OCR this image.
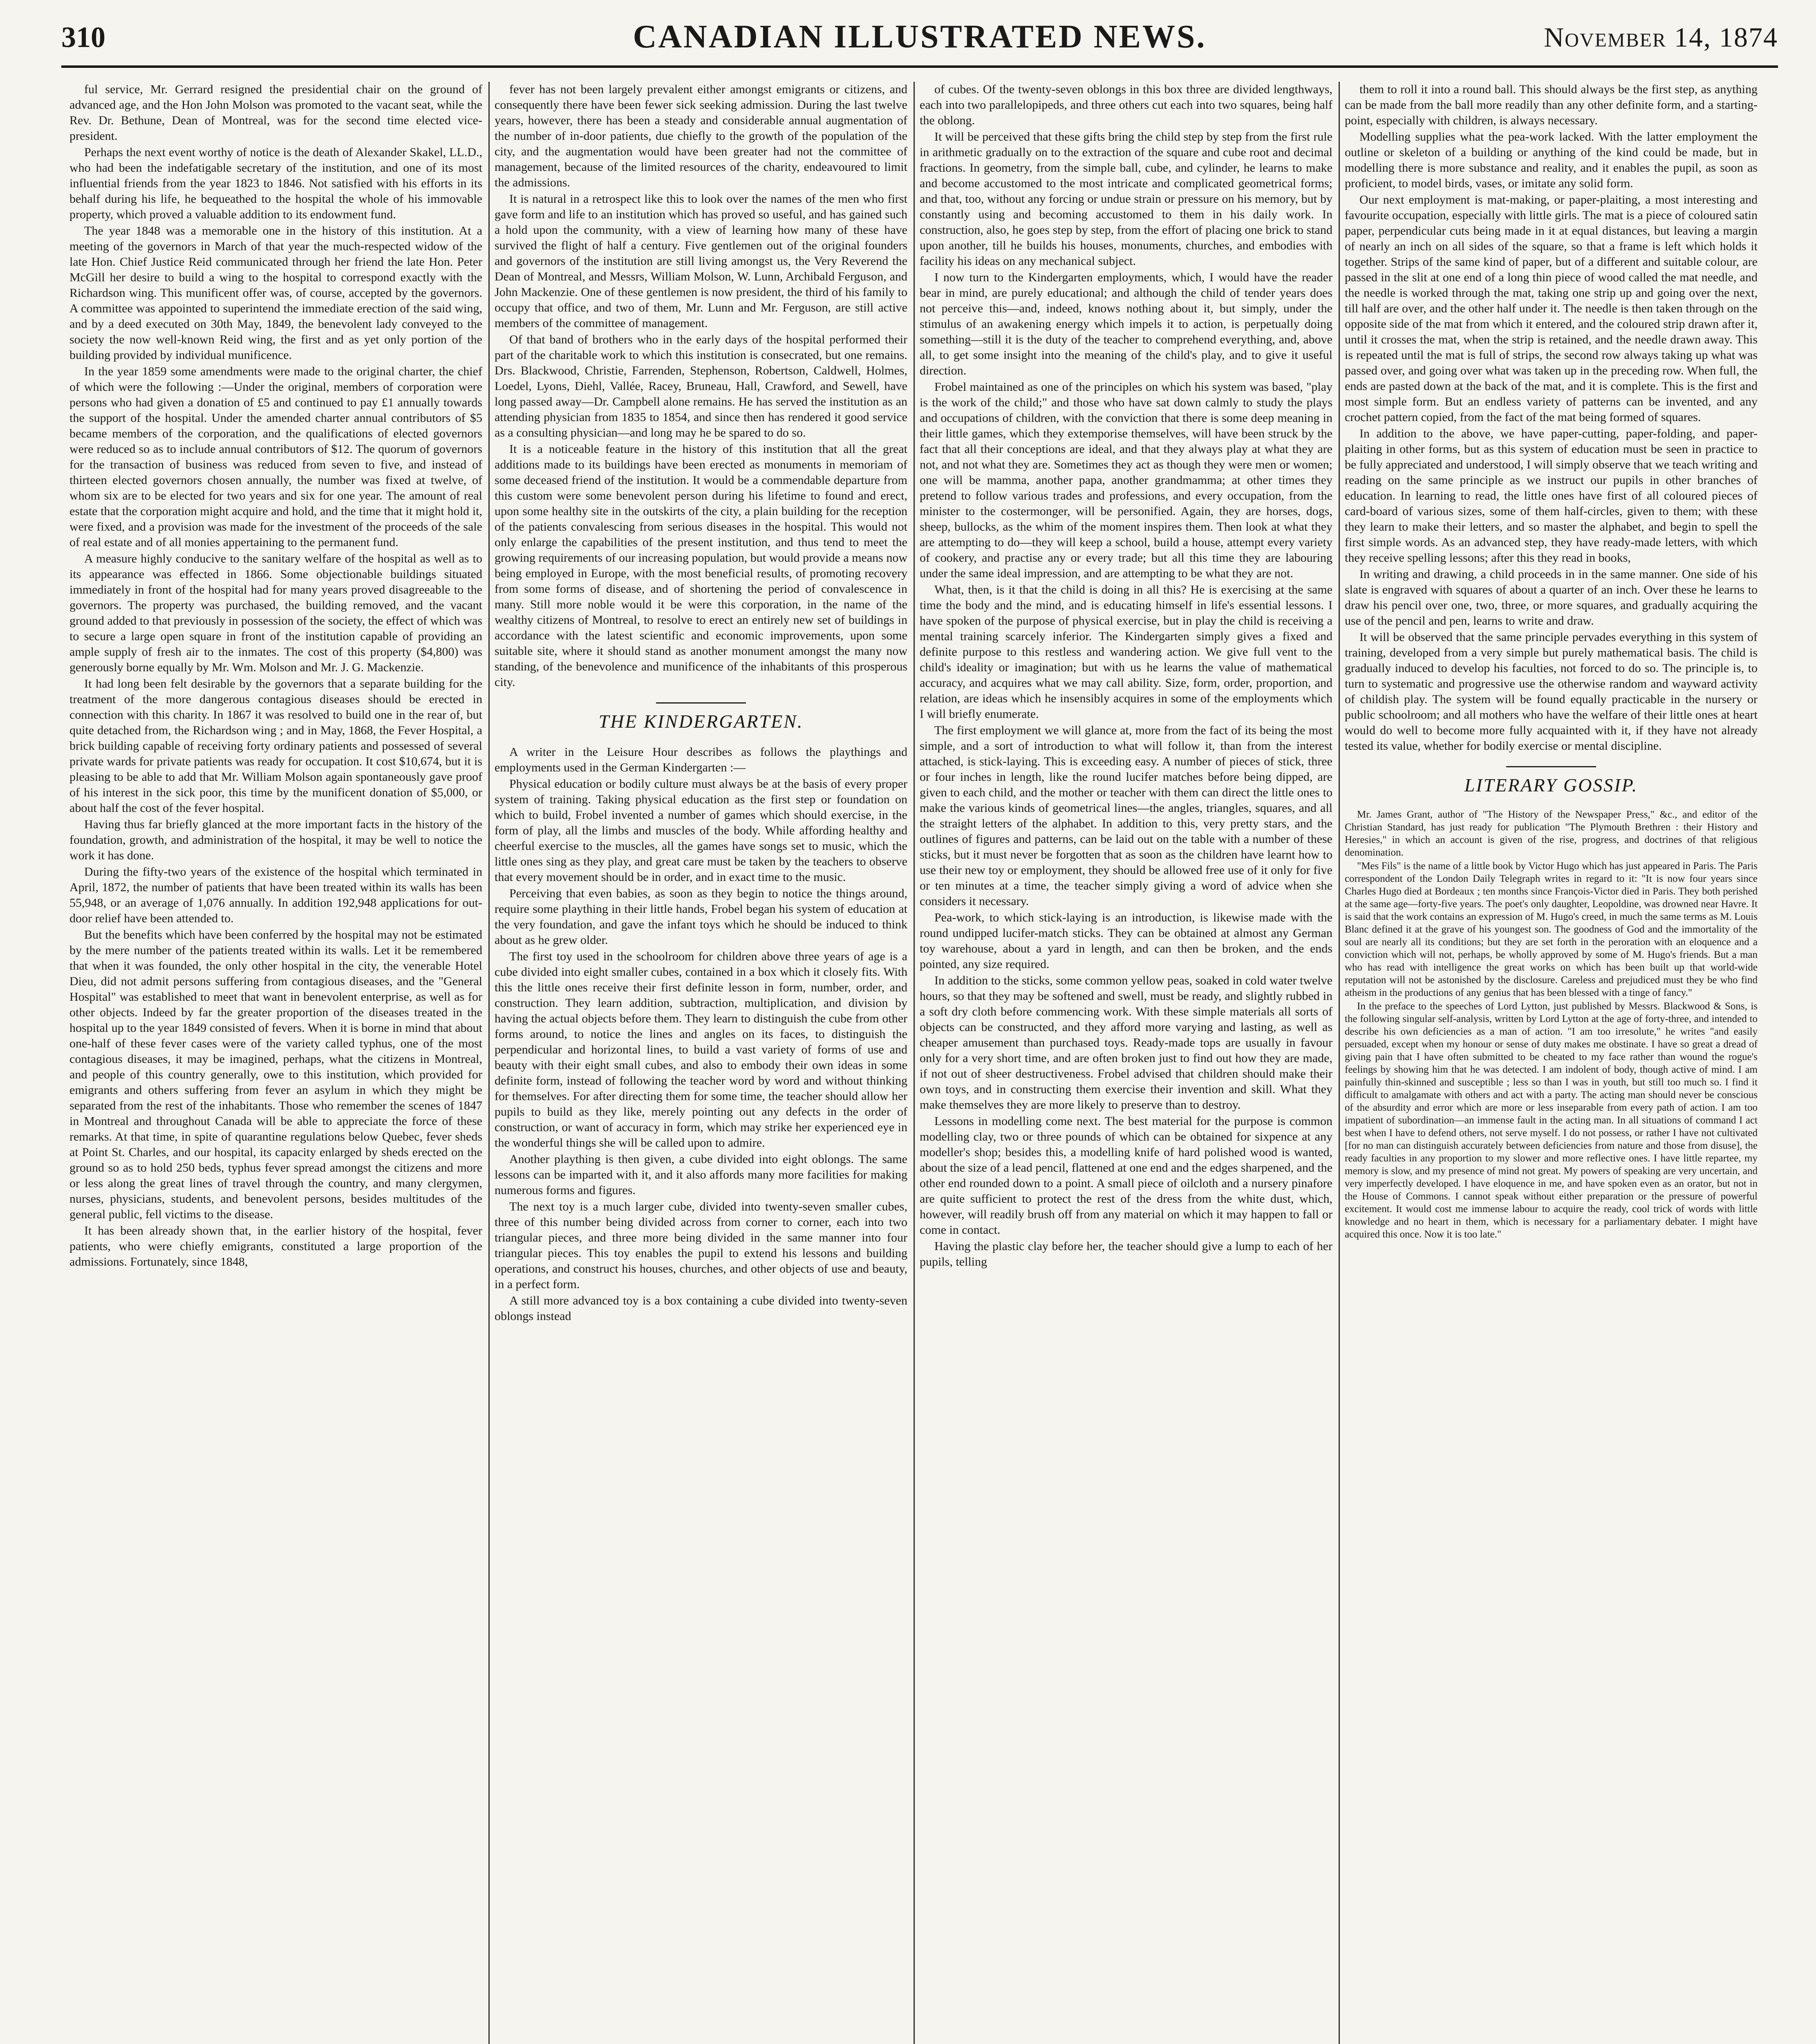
310	CANADIAN ILLUSTRATED NEWS.	November 14, 1874

ful service, Mr. Gerrard resigned the presidential chair on the ground of advanced age, and the Hon John Molson was promoted to the vacant seat, while the Rev. Dr. Bethune, Dean of Montreal, was for the second time elected vice-president.

Perhaps the next event worthy of notice is the death of Alexander Skakel, LL.D., who had been the indefatigable secretary of the institution, and one of its most influential friends from the year 1823 to 1846. Not satisfied with his efforts in its behalf during his life, he bequeathed to the hospital the whole of his immovable property, which proved a valuable addition to its endowment fund.

The year 1848 was a memorable one in the history of this institution. At a meeting of the governors in March of that year the much-respected widow of the late Hon. Chief Justice Reid communicated through her friend the late Hon. Peter McGill her desire to build a wing to the hospital to correspond exactly with the Richardson wing. This munificent offer was, of course, accepted by the governors. A committee was appointed to superintend the immediate erection of the said wing, and by a deed executed on 30th May, 1849, the benevolent lady conveyed to the society the now well-known Reid wing, the first and as yet only portion of the building provided by individual munificence.

In the year 1859 some amendments were made to the original charter, the chief of which were the following :—Under the original, members of corporation were persons who had given a donation of £5 and continued to pay £1 annually towards the support of the hospital. Under the amended charter annual contributors of $5 became members of the corporation, and the qualifications of elected governors were reduced so as to include annual contributors of $12. The quorum of governors for the transaction of business was reduced from seven to five, and instead of thirteen elected governors chosen annually, the number was fixed at twelve, of whom six are to be elected for two years and six for one year. The amount of real estate that the corporation might acquire and hold, and the time that it might hold it, were fixed, and a provision was made for the investment of the proceeds of the sale of real estate and of all monies appertaining to the permanent fund.

A measure highly conducive to the sanitary welfare of the hospital as well as to its appearance was effected in 1866. Some objectionable buildings situated immediately in front of the hospital had for many years proved disagreeable to the governors. The property was purchased, the building removed, and the vacant ground added to that previously in possession of the society, the effect of which was to secure a large open square in front of the institution capable of providing an ample supply of fresh air to the inmates. The cost of this property ($4,800) was generously borne equally by Mr. Wm. Molson and Mr. J. G. Mackenzie.

It had long been felt desirable by the governors that a separate building for the treatment of the more dangerous contagious diseases should be erected in connection with this charity. In 1867 it was resolved to build one in the rear of, but quite detached from, the Richardson wing ; and in May, 1868, the Fever Hospital, a brick building capable of receiving forty ordinary patients and possessed of several private wards for private patients was ready for occupation. It cost $10,674, but it is pleasing to be able to add that Mr. William Molson again spontaneously gave proof of his interest in the sick poor, this time by the munificent donation of $5,000, or about half the cost of the fever hospital.

Having thus far briefly glanced at the more important facts in the history of the foundation, growth, and administration of the hospital, it may be well to notice the work it has done.

During the fifty-two years of the existence of the hospital which terminated in April, 1872, the number of patients that have been treated within its walls has been 55,948, or an average of 1,076 annually. In addition 192,948 applications for out-door relief have been attended to.

But the benefits which have been conferred by the hospital may not be estimated by the mere number of the patients treated within its walls. Let it be remembered that when it was founded, the only other hospital in the city, the venerable Hotel Dieu, did not admit persons suffering from contagious diseases, and the "General Hospital" was established to meet that want in benevolent enterprise, as well as for other objects. Indeed by far the greater proportion of the diseases treated in the hospital up to the year 1849 consisted of fevers. When it is borne in mind that about one-half of these fever cases were of the variety called typhus, one of the most contagious diseases, it may be imagined, perhaps, what the citizens in Montreal, and people of this country generally, owe to this institution, which provided for emigrants and others suffering from fever an asylum in which they might be separated from the rest of the inhabitants. Those who remember the scenes of 1847 in Montreal and throughout Canada will be able to appreciate the force of these remarks. At that time, in spite of quarantine regulations below Quebec, fever sheds at Point St. Charles, and our hospital, its capacity enlarged by sheds erected on the ground so as to hold 250 beds, typhus fever spread amongst the citizens and more or less along the great lines of travel through the country, and many clergymen, nurses, physicians, students, and benevolent persons, besides multitudes of the general public, fell victims to the disease.

It has been already shown that, in the earlier history of the hospital, fever patients, who were chiefly emigrants, constituted a large proportion of the admissions. Fortunately, since 1848,

fever has not been largely prevalent either amongst emigrants or citizens, and consequently there have been fewer sick seeking admission. During the last twelve years, however, there has been a steady and considerable annual augmentation of the number of in-door patients, due chiefly to the growth of the population of the city, and the augmentation would have been greater had not the committee of management, because of the limited resources of the charity, endeavoured to limit the admissions.

It is natural in a retrospect like this to look over the names of the men who first gave form and life to an institution which has proved so useful, and has gained such a hold upon the community, with a view of learning how many of these have survived the flight of half a century. Five gentlemen out of the original founders and governors of the institution are still living amongst us, the Very Reverend the Dean of Montreal, and Messrs, William Molson, W. Lunn, Archibald Ferguson, and John Mackenzie. One of these gentlemen is now president, the third of his family to occupy that office, and two of them, Mr. Lunn and Mr. Ferguson, are still active members of the committee of management.

Of that band of brothers who in the early days of the hospital performed their part of the charitable work to which this institution is consecrated, but one remains. Drs. Blackwood, Christie, Farrenden, Stephenson, Robertson, Caldwell, Holmes, Loedel, Lyons, Diehl, Vallée, Racey, Bruneau, Hall, Crawford, and Sewell, have long passed away—Dr. Campbell alone remains. He has served the institution as an attending physician from 1835 to 1854, and since then has rendered it good service as a consulting physician—and long may he be spared to do so.

It is a noticeable feature in the history of this institution that all the great additions made to its buildings have been erected as monuments in memoriam of some deceased friend of the institution. It would be a commendable departure from this custom were some benevolent person during his lifetime to found and erect, upon some healthy site in the outskirts of the city, a plain building for the reception of the patients convalescing from serious diseases in the hospital. This would not only enlarge the capabilities of the present institution, and thus tend to meet the growing requirements of our increasing population, but would provide a means now being employed in Europe, with the most beneficial results, of promoting recovery from some forms of disease, and of shortening the period of convalescence in many. Still more noble would it be were this corporation, in the name of the wealthy citizens of Montreal, to resolve to erect an entirely new set of buildings in accordance with the latest scientific and economic improvements, upon some suitable site, where it should stand as another monument amongst the many now standing, of the benevolence and munificence of the inhabitants of this prosperous city.

THE KINDERGARTEN.

A writer in the Leisure Hour describes as follows the playthings and employments used in the German Kindergarten :—

Physical education or bodily culture must always be at the basis of every proper system of training. Taking physical education as the first step or foundation on which to build, Frobel invented a number of games which should exercise, in the form of play, all the limbs and muscles of the body. While affording healthy and cheerful exercise to the muscles, all the games have songs set to music, which the little ones sing as they play, and great care must be taken by the teachers to observe that every movement should be in order, and in exact time to the music.

Perceiving that even babies, as soon as they begin to notice the things around, require some plaything in their little hands, Frobel began his system of education at the very foundation, and gave the infant toys which he should be induced to think about as he grew older.

The first toy used in the schoolroom for children above three years of age is a cube divided into eight smaller cubes, contained in a box which it closely fits. With this the little ones receive their first definite lesson in form, number, order, and construction. They learn addition, subtraction, multiplication, and division by having the actual objects before them. They learn to distinguish the cube from other forms around, to notice the lines and angles on its faces, to distinguish the perpendicular and horizontal lines, to build a vast variety of forms of use and beauty with their eight small cubes, and also to embody their own ideas in some definite form, instead of following the teacher word by word and without thinking for themselves. For after directing them for some time, the teacher should allow her pupils to build as they like, merely pointing out any defects in the order of construction, or want of accuracy in form, which may strike her experienced eye in the wonderful things she will be called upon to admire.

Another plaything is then given, a cube divided into eight oblongs. The same lessons can be imparted with it, and it also affords many more facilities for making numerous forms and figures.

The next toy is a much larger cube, divided into twenty-seven smaller cubes, three of this number being divided across from corner to corner, each into two triangular pieces, and three more being divided in the same manner into four triangular pieces. This toy enables the pupil to extend his lessons and building operations, and construct his houses, churches, and other objects of use and beauty, in a perfect form.

A still more advanced toy is a box containing a cube divided into twenty-seven oblongs instead

of cubes. Of the twenty-seven oblongs in this box three are divided lengthways, each into two parallelopipeds, and three others cut each into two squares, being half the oblong.

It will be perceived that these gifts bring the child step by step from the first rule in arithmetic gradually on to the extraction of the square and cube root and decimal fractions. In geometry, from the simple ball, cube, and cylinder, he learns to make and become accustomed to the most intricate and complicated geometrical forms; and that, too, without any forcing or undue strain or pressure on his memory, but by constantly using and becoming accustomed to them in his daily work. In construction, also, he goes step by step, from the effort of placing one brick to stand upon another, till he builds his houses, monuments, churches, and embodies with facility his ideas on any mechanical subject.

I now turn to the Kindergarten employments, which, I would have the reader bear in mind, are purely educational; and although the child of tender years does not perceive this—and, indeed, knows nothing about it, but simply, under the stimulus of an awakening energy which impels it to action, is perpetually doing something—still it is the duty of the teacher to comprehend everything, and, above all, to get some insight into the meaning of the child's play, and to give it useful direction.

Frobel maintained as one of the principles on which his system was based, "play is the work of the child;" and those who have sat down calmly to study the plays and occupations of children, with the conviction that there is some deep meaning in their little games, which they extemporise themselves, will have been struck by the fact that all their conceptions are ideal, and that they always play at what they are not, and not what they are. Sometimes they act as though they were men or women; one will be mamma, another papa, another grandmamma; at other times they pretend to follow various trades and professions, and every occupation, from the minister to the costermonger, will be personified. Again, they are horses, dogs, sheep, bullocks, as the whim of the moment inspires them. Then look at what they are attempting to do—they will keep a school, build a house, attempt every variety of cookery, and practise any or every trade; but all this time they are labouring under the same ideal impression, and are attempting to be what they are not.

What, then, is it that the child is doing in all this? He is exercising at the same time the body and the mind, and is educating himself in life's essential lessons. I have spoken of the purpose of physical exercise, but in play the child is receiving a mental training scarcely inferior. The Kindergarten simply gives a fixed and definite purpose to this restless and wandering action. We give full vent to the child's ideality or imagination; but with us he learns the value of mathematical accuracy, and acquires what we may call ability. Size, form, order, proportion, and relation, are ideas which he insensibly acquires in some of the employments which I will briefly enumerate.

The first employment we will glance at, more from the fact of its being the most simple, and a sort of introduction to what will follow it, than from the interest attached, is stick-laying. This is exceeding easy. A number of pieces of stick, three or four inches in length, like the round lucifer matches before being dipped, are given to each child, and the mother or teacher with them can direct the little ones to make the various kinds of geometrical lines—the angles, triangles, squares, and all the straight letters of the alphabet. In addition to this, very pretty stars, and the outlines of figures and patterns, can be laid out on the table with a number of these sticks, but it must never be forgotten that as soon as the children have learnt how to use their new toy or employment, they should be allowed free use of it only for five or ten minutes at a time, the teacher simply giving a word of advice when she considers it necessary.

Pea-work, to which stick-laying is an introduction, is likewise made with the round undipped lucifer-match sticks. They can be obtained at almost any German toy warehouse, about a yard in length, and can then be broken, and the ends pointed, any size required.

In addition to the sticks, some common yellow peas, soaked in cold water twelve hours, so that they may be softened and swell, must be ready, and slightly rubbed in a soft dry cloth before commencing work. With these simple materials all sorts of objects can be constructed, and they afford more varying and lasting, as well as cheaper amusement than purchased toys. Ready-made tops are usually in favour only for a very short time, and are often broken just to find out how they are made, if not out of sheer destructiveness. Frobel advised that children should make their own toys, and in constructing them exercise their invention and skill. What they make themselves they are more likely to preserve than to destroy.

Lessons in modelling come next. The best material for the purpose is common modelling clay, two or three pounds of which can be obtained for sixpence at any modeller's shop; besides this, a modelling knife of hard polished wood is wanted, about the size of a lead pencil, flattened at one end and the edges sharpened, and the other end rounded down to a point. A small piece of oilcloth and a nursery pinafore are quite sufficient to protect the rest of the dress from the white dust, which, however, will readily brush off from any material on which it may happen to fall or come in contact.

Having the plastic clay before her, the teacher should give a lump to each of her pupils, telling

them to roll it into a round ball. This should always be the first step, as anything can be made from the ball more readily than any other definite form, and a starting-point, especially with children, is always necessary.

Modelling supplies what the pea-work lacked. With the latter employment the outline or skeleton of a building or anything of the kind could be made, but in modelling there is more substance and reality, and it enables the pupil, as soon as proficient, to model birds, vases, or imitate any solid form.

Our next employment is mat-making, or paper-plaiting, a most interesting and favourite occupation, especially with little girls. The mat is a piece of coloured satin paper, perpendicular cuts being made in it at equal distances, but leaving a margin of nearly an inch on all sides of the square, so that a frame is left which holds it together. Strips of the same kind of paper, but of a different and suitable colour, are passed in the slit at one end of a long thin piece of wood called the mat needle, and the needle is worked through the mat, taking one strip up and going over the next, till half are over, and the other half under it. The needle is then taken through on the opposite side of the mat from which it entered, and the coloured strip drawn after it, until it crosses the mat, when the strip is retained, and the needle drawn away. This is repeated until the mat is full of strips, the second row always taking up what was passed over, and going over what was taken up in the preceding row. When full, the ends are pasted down at the back of the mat, and it is complete. This is the first and most simple form. But an endless variety of patterns can be invented, and any crochet pattern copied, from the fact of the mat being formed of squares.

In addition to the above, we have paper-cutting, paper-folding, and paper-plaiting in other forms, but as this system of education must be seen in practice to be fully appreciated and understood, I will simply observe that we teach writing and reading on the same principle as we instruct our pupils in other branches of education. In learning to read, the little ones have first of all coloured pieces of card-board of various sizes, some of them half-circles, given to them; with these they learn to make their letters, and so master the alphabet, and begin to spell the first simple words. As an advanced step, they have ready-made letters, with which they receive spelling lessons; after this they read in books,

In writing and drawing, a child proceeds in in the same manner. One side of his slate is engraved with squares of about a quarter of an inch. Over these he learns to draw his pencil over one, two, three, or more squares, and gradually acquiring the use of the pencil and pen, learns to write and draw.

It will be observed that the same principle pervades everything in this system of training, developed from a very simple but purely mathematical basis. The child is gradually induced to develop his faculties, not forced to do so. The principle is, to turn to systematic and progressive use the otherwise random and wayward activity of childish play. The system will be found equally practicable in the nursery or public schoolroom; and all mothers who have the welfare of their little ones at heart would do well to become more fully acquainted with it, if they have not already tested its value, whether for bodily exercise or mental discipline.

LITERARY GOSSIP.

Mr. James Grant, author of "The History of the Newspaper Press," &c., and editor of the Christian Standard, has just ready for publication "The Plymouth Brethren : their History and Heresies," in which an account is given of the rise, progress, and doctrines of that religious denomination.

"Mes Fils" is the name of a little book by Victor Hugo which has just appeared in Paris. The Paris correspondent of the London Daily Telegraph writes in regard to it: "It is now four years since Charles Hugo died at Bordeaux ; ten months since François-Victor died in Paris. They both perished at the same age—forty-five years. The poet's only daughter, Leopoldine, was drowned near Havre. It is said that the work contains an expression of M. Hugo's creed, in much the same terms as M. Louis Blanc defined it at the grave of his youngest son. The goodness of God and the immortality of the soul are nearly all its conditions; but they are set forth in the peroration with an eloquence and a conviction which will not, perhaps, be wholly approved by some of M. Hugo's friends. But a man who has read with intelligence the great works on which has been built up that world-wide reputation will not be astonished by the disclosure. Careless and prejudiced must they be who find atheism in the productions of any genius that has been blessed with a tinge of fancy."

In the preface to the speeches of Lord Lytton, just published by Messrs. Blackwood & Sons, is the following singular self-analysis, written by Lord Lytton at the age of forty-three, and intended to describe his own deficiencies as a man of action. "I am too irresolute," he writes "and easily persuaded, except when my honour or sense of duty makes me obstinate. I have so great a dread of giving pain that I have often submitted to be cheated to my face rather than wound the rogue's feelings by showing him that he was detected. I am indolent of body, though active of mind. I am painfully thin-skinned and susceptible ; less so than I was in youth, but still too much so. I find it difficult to amalgamate with others and act with a party. The acting man should never be conscious of the absurdity and error which are more or less inseparable from every path of action. I am too impatient of subordination—an immense fault in the acting man. In all situations of command I act best when I have to defend others, not serve myself. I do not possess, or rather I have not cultivated [for no man can distinguish accurately between deficiencies from nature and those from disuse], the ready faculties in any proportion to my slower and more reflective ones. I have little repartee, my memory is slow, and my presence of mind not great. My powers of speaking are very uncertain, and very imperfectly developed. I have eloquence in me, and have spoken even as an orator, but not in the House of Commons. I cannot speak without either preparation or the pressure of powerful excitement. It would cost me immense labour to acquire the ready, cool trick of words with little knowledge and no heart in them, which is necessary for a parliamentary debater. I might have acquired this once. Now it is too late."
